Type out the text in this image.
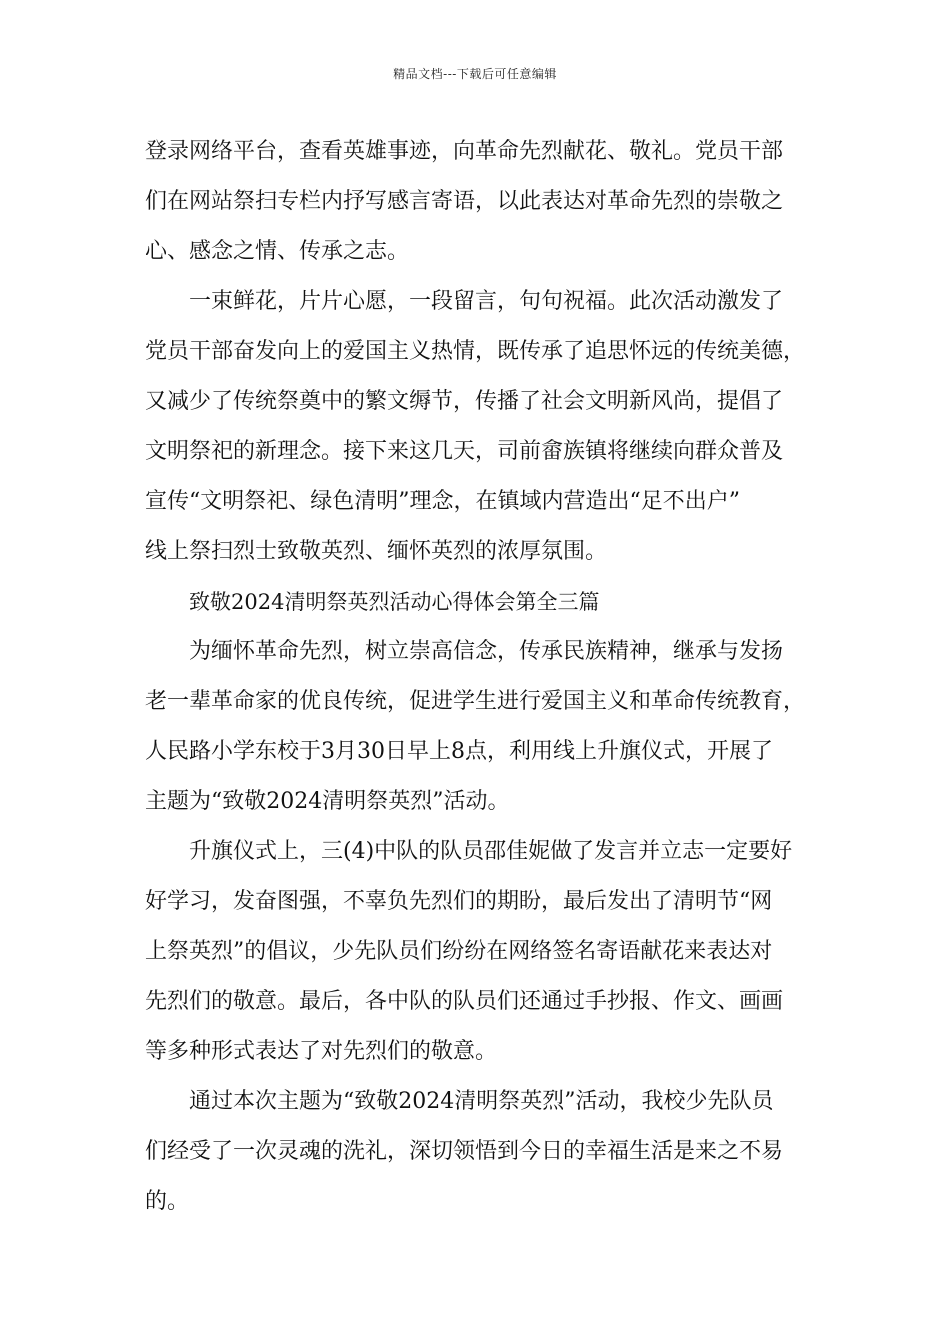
精品文档---下载后可任意编辑
登录网络平台，查看英雄事迹，向革命先烈献花、敬礼。党员干部
们在网站祭扫专栏内抒写感言寄语，以此表达对革命先烈的崇敬之
心、感念之情、传承之志。
一束鲜花，片片心愿，一段留言，句句祝福。此次活动激发了
党员干部奋发向上的爱国主义热情，既传承了追思怀远的传统美德，
又减少了传统祭奠中的繁文缛节，传播了社会文明新风尚，提倡了
文明祭祀的新理念。接下来这几天，司前畲族镇将继续向群众普及
宣传“文明祭祀、绿色清明”理念，在镇域内营造出“足不出户”
线上祭扫烈士致敬英烈、缅怀英烈的浓厚氛围。
致敬2024清明祭英烈活动心得体会第全三篇
为缅怀革命先烈，树立崇高信念，传承民族精神，继承与发扬
老一辈革命家的优良传统，促进学生进行爱国主义和革命传统教育，
人民路小学东校于3月30日早上8点，利用线上升旗仪式，开展了
主题为“致敬2024清明祭英烈”活动。
升旗仪式上，三(4)中队的队员邵佳妮做了发言并立志一定要好
好学习，发奋图强，不辜负先烈们的期盼，最后发出了清明节“网
上祭英烈”的倡议，少先队员们纷纷在网络签名寄语献花来表达对
先烈们的敬意。最后，各中队的队员们还通过手抄报、作文、画画
等多种形式表达了对先烈们的敬意。
通过本次主题为“致敬2024清明祭英烈”活动，我校少先队员
们经受了一次灵魂的洗礼，深切领悟到今日的幸福生活是来之不易
的。
